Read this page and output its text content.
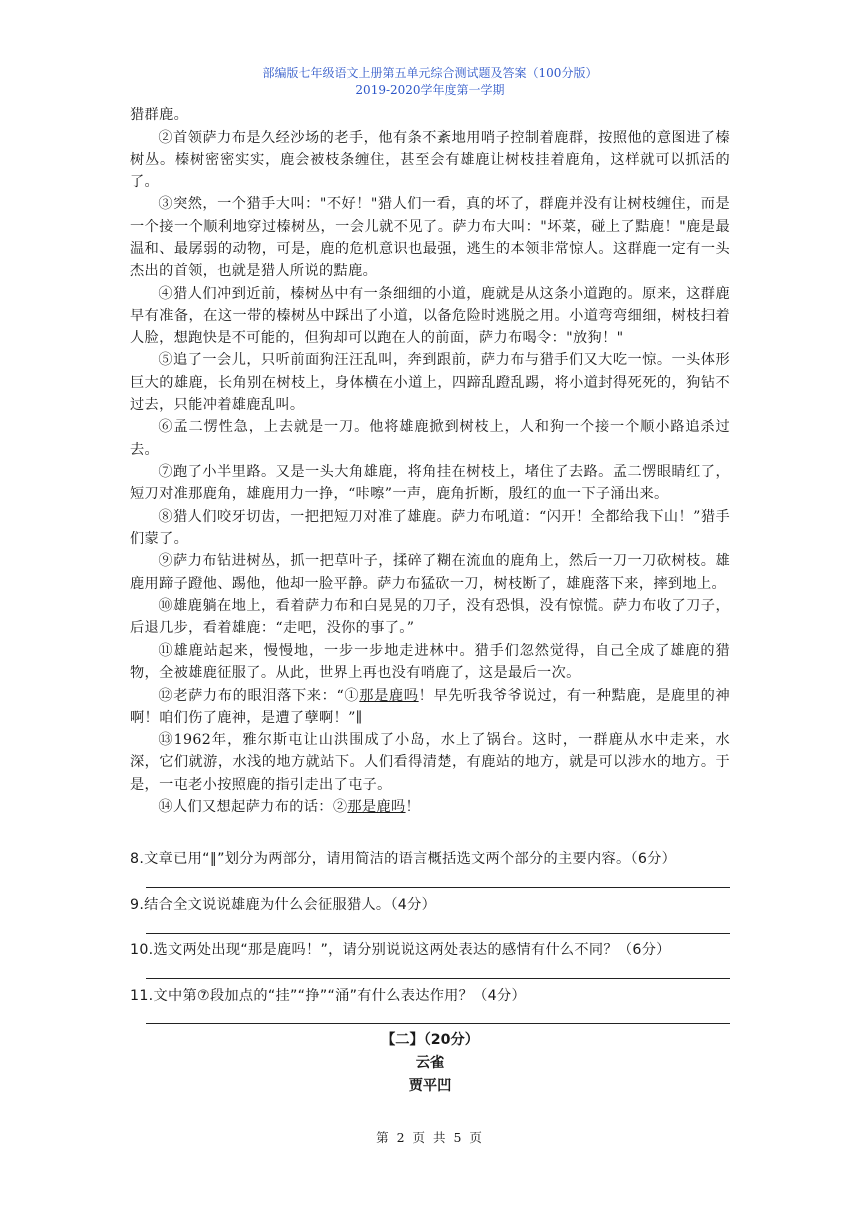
部编版七年级语文上册第五单元综合测试题及答案（100分版）
2019-2020学年度第一学期

猎群鹿。

②首领萨力布是久经沙场的老手，他有条不紊地用哨子控制着鹿群，按照他的意图进了榛树丛。榛树密密实实，鹿会被枝条缠住，甚至会有雄鹿让树枝挂着鹿角，这样就可以抓活的了。

③突然，一个猎手大叫："不好！"猎人们一看，真的坏了，群鹿并没有让树枝缠住，而是一个接一个顺利地穿过榛树丛，一会儿就不见了。萨力布大叫："坏菜，碰上了黠鹿！"鹿是最温和、最孱弱的动物，可是，鹿的危机意识也最强，逃生的本领非常惊人。这群鹿一定有一头杰出的首领，也就是猎人所说的黠鹿。

④猎人们冲到近前，榛树丛中有一条细细的小道，鹿就是从这条小道跑的。原来，这群鹿早有准备，在这一带的榛树丛中踩出了小道，以备危险时逃脱之用。小道弯弯细细，树枝扫着人脸，想跑快是不可能的，但狗却可以跑在人的前面，萨力布喝令："放狗！"

⑤追了一会儿，只听前面狗汪汪乱叫，奔到跟前，萨力布与猎手们又大吃一惊。一头体形巨大的雄鹿，长角别在树枝上，身体横在小道上，四蹄乱蹬乱踢，将小道封得死死的，狗钻不过去，只能冲着雄鹿乱叫。

⑥孟二愣性急，上去就是一刀。他将雄鹿掀到树枝上，人和狗一个接一个顺小路追杀过去。

⑦跑了小半里路。又是一头大角雄鹿，将角挂在树枝上，堵住了去路。孟二愣眼睛红了，短刀对准那鹿角，雄鹿用力一挣，“咔嚓”一声，鹿角折断，殷红的血一下子涌出来。

⑧猎人们咬牙切齿，一把把短刀对准了雄鹿。萨力布吼道：“闪开！全都给我下山！”猎手们蒙了。

⑨萨力布钻进树丛，抓一把草叶子，揉碎了糊在流血的鹿角上，然后一刀一刀砍树枝。雄鹿用蹄子蹬他、踢他，他却一脸平静。萨力布猛砍一刀，树枝断了，雄鹿落下来，摔到地上。

⑩雄鹿躺在地上，看着萨力布和白晃晃的刀子，没有恐惧，没有惊慌。萨力布收了刀子，后退几步，看着雄鹿：“走吧，没你的事了。”

⑪雄鹿站起来，慢慢地，一步一步地走进林中。猎手们忽然觉得，自己全成了雄鹿的猎物，全被雄鹿征服了。从此，世界上再也没有哨鹿了，这是最后一次。

⑫老萨力布的眼泪落下来：“①那是鹿吗！早先听我爷爷说过，有一种黠鹿，是鹿里的神啊！咱们伤了鹿神，是遭了孽啊！”∥

⑬1962年，雅尔斯屯让山洪围成了小岛，水上了锅台。这时，一群鹿从水中走来，水深，它们就游，水浅的地方就站下。人们看得清楚，有鹿站的地方，就是可以涉水的地方。于是，一屯老小按照鹿的指引走出了屯子。

⑭人们又想起萨力布的话：②那是鹿吗！

8.文章已用“∥”划分为两部分，请用简洁的语言概括选文两个部分的主要内容。（6分）
9.结合全文说说雄鹿为什么会征服猎人。（4分）
10.选文两处出现“那是鹿吗！”，请分别说说这两处表达的感情有什么不同？（6分）
11.文中第⑦段加点的“挂”“挣”“涌”有什么表达作用？（4分）
【二】（20分）
云雀
贾平凹
第 2 页 共 5 页
